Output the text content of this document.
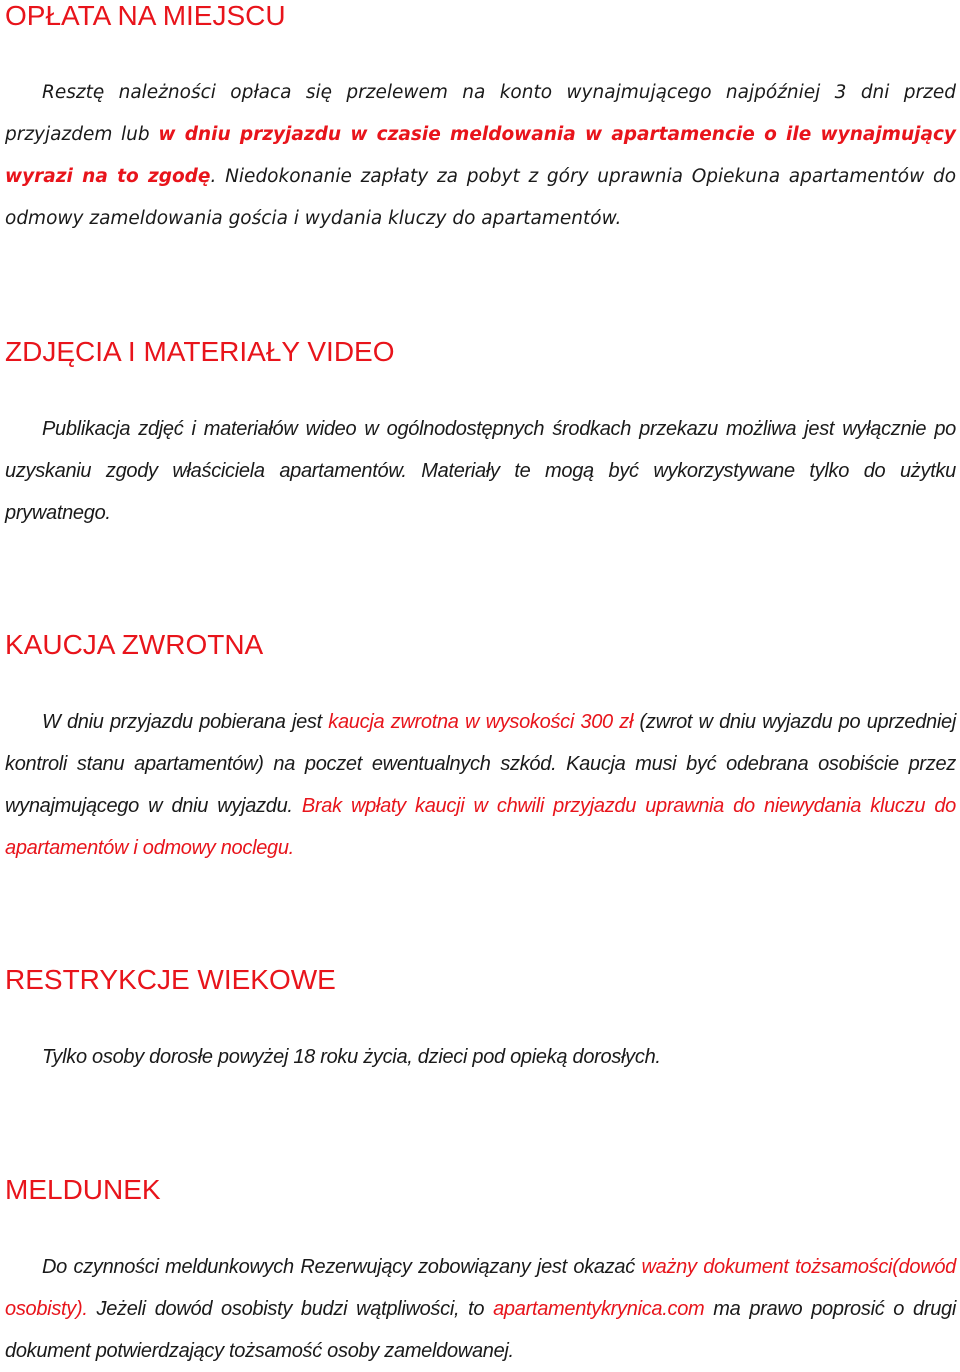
OPŁATA NA MIEJSCU

Resztę należności opłaca się przelewem na konto wynajmującego najpóźniej 3 dni przed przyjazdem lub w dniu przyjazdu w czasie meldowania w apartamencie o ile wynajmujący wyrazi na to zgodę. Niedokonanie zapłaty za pobyt z góry uprawnia Opiekuna apartamentów do odmowy zameldowania gościa i wydania kluczy do apartamentów.

ZDJĘCIA I MATERIAŁY VIDEO

Publikacja zdjęć i materiałów wideo w ogólnodostępnych środkach przekazu możliwa jest wyłącznie po uzyskaniu zgody właściciela apartamentów. Materiały te mogą być wykorzystywane tylko do użytku prywatnego.

KAUCJA ZWROTNA

W dniu przyjazdu pobierana jest kaucja zwrotna w wysokości 300 zł (zwrot w dniu wyjazdu po uprzedniej kontroli stanu apartamentów) na poczet ewentualnych szkód. Kaucja musi być odebrana osobiście przez wynajmującego w dniu wyjazdu. Brak wpłaty kaucji w chwili przyjazdu uprawnia do niewydania kluczu do apartamentów i odmowy noclegu.

RESTRYKCJE WIEKOWE

Tylko osoby dorosłe powyżej 18 roku życia, dzieci pod opieką dorosłych.

MELDUNEK

Do czynności meldunkowych Rezerwujący zobowiązany jest okazać ważny dokument tożsamości(dowód osobisty). Jeżeli dowód osobisty budzi wątpliwości, to apartamentykrynica.com ma prawo poprosić o drugi dokument potwierdzający tożsamość osoby zameldowanej.
